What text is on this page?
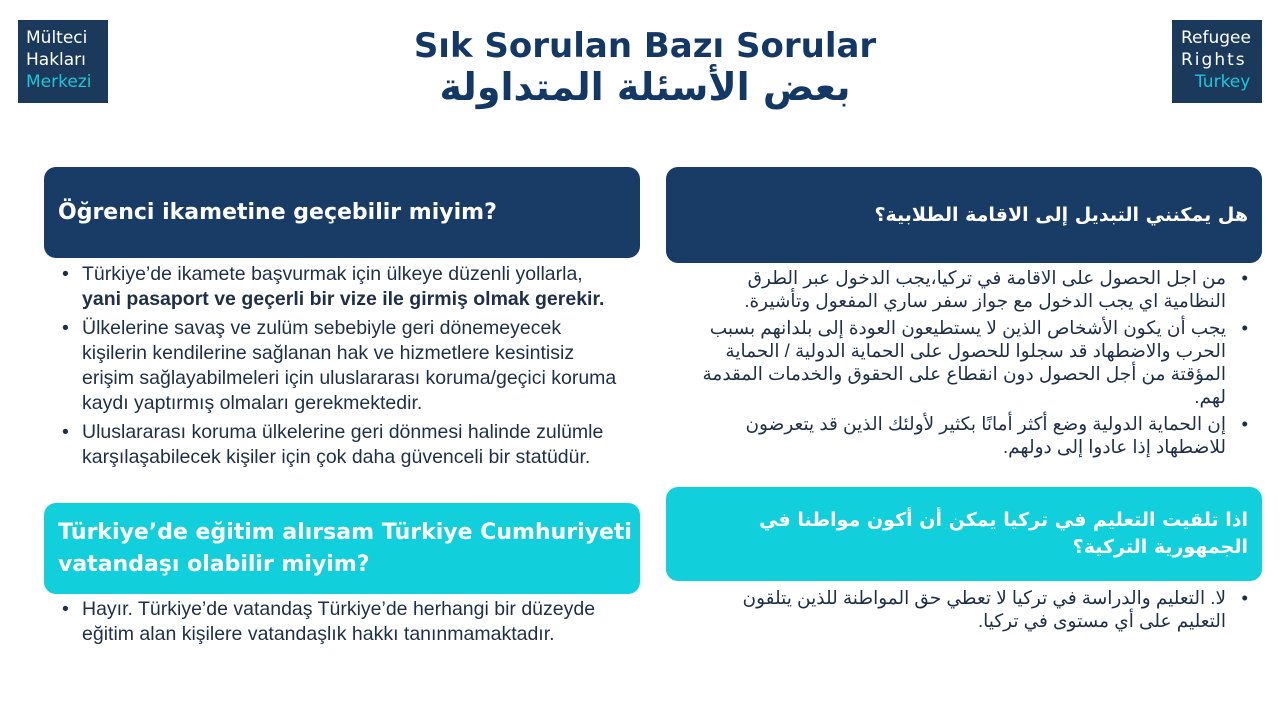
Mülteci
Hakları
Merkezi
Refugee
Rights
Turkey
Sık Sorulan Bazı Sorular
بعض الأسئلة المتداولة
Öğrenci ikametine geçebilir miyim?
• Türkiye’de ikamete başvurmak için ülkeye düzenli yollarla, yani pasaport ve geçerli bir vize ile girmiş olmak gerekir.
• Ülkelerine savaş ve zulüm sebebiyle geri dönemeyecek kişilerin kendilerine sağlanan hak ve hizmetlere kesintisiz erişim sağlayabilmeleri için uluslararası koruma/geçici koruma kaydı yaptırmış olmaları gerekmektedir.
• Uluslararası koruma ülkelerine geri dönmesi halinde zulümle karşılaşabilecek kişiler için çok daha güvenceli bir statüdür.
Türkiye’de eğitim alırsam Türkiye Cumhuriyeti vatandaşı olabilir miyim?
• Hayır. Türkiye’de vatandaş Türkiye’de herhangi bir düzeyde eğitim alan kişilere vatandaşlık hakkı tanınmamaktadır.
هل يمكنني التبديل إلى الاقامة الطلابية؟
•
من اجل الحصول على الاقامة في تركيا،يجب الدخول عبر الطرق النظامية اي يجب الدخول مع جواز سفر ساري المفعول وتأشيرة.
•
يجب أن يكون الأشخاص الذين لا يستطيعون العودة إلى بلدانهم بسبب الحرب والاضطهاد قد سجلوا للحصول على الحماية الدولية / الحماية المؤقتة من أجل الحصول دون انقطاع على الحقوق والخدمات المقدمة لهم.
•
إن الحماية الدولية وضع أكثر أمانًا بكثير لأولئك الذين قد يتعرضون للاضطهاد إذا عادوا إلى دولهم.
اذا تلقيت التعليم في تركيا يمكن أن أكون مواطنا في الجمهورية التركية؟
•
لا. التعليم والدراسة في تركيا لا تعطي حق المواطنة للذين يتلقون التعليم على أي مستوى في تركيا.
